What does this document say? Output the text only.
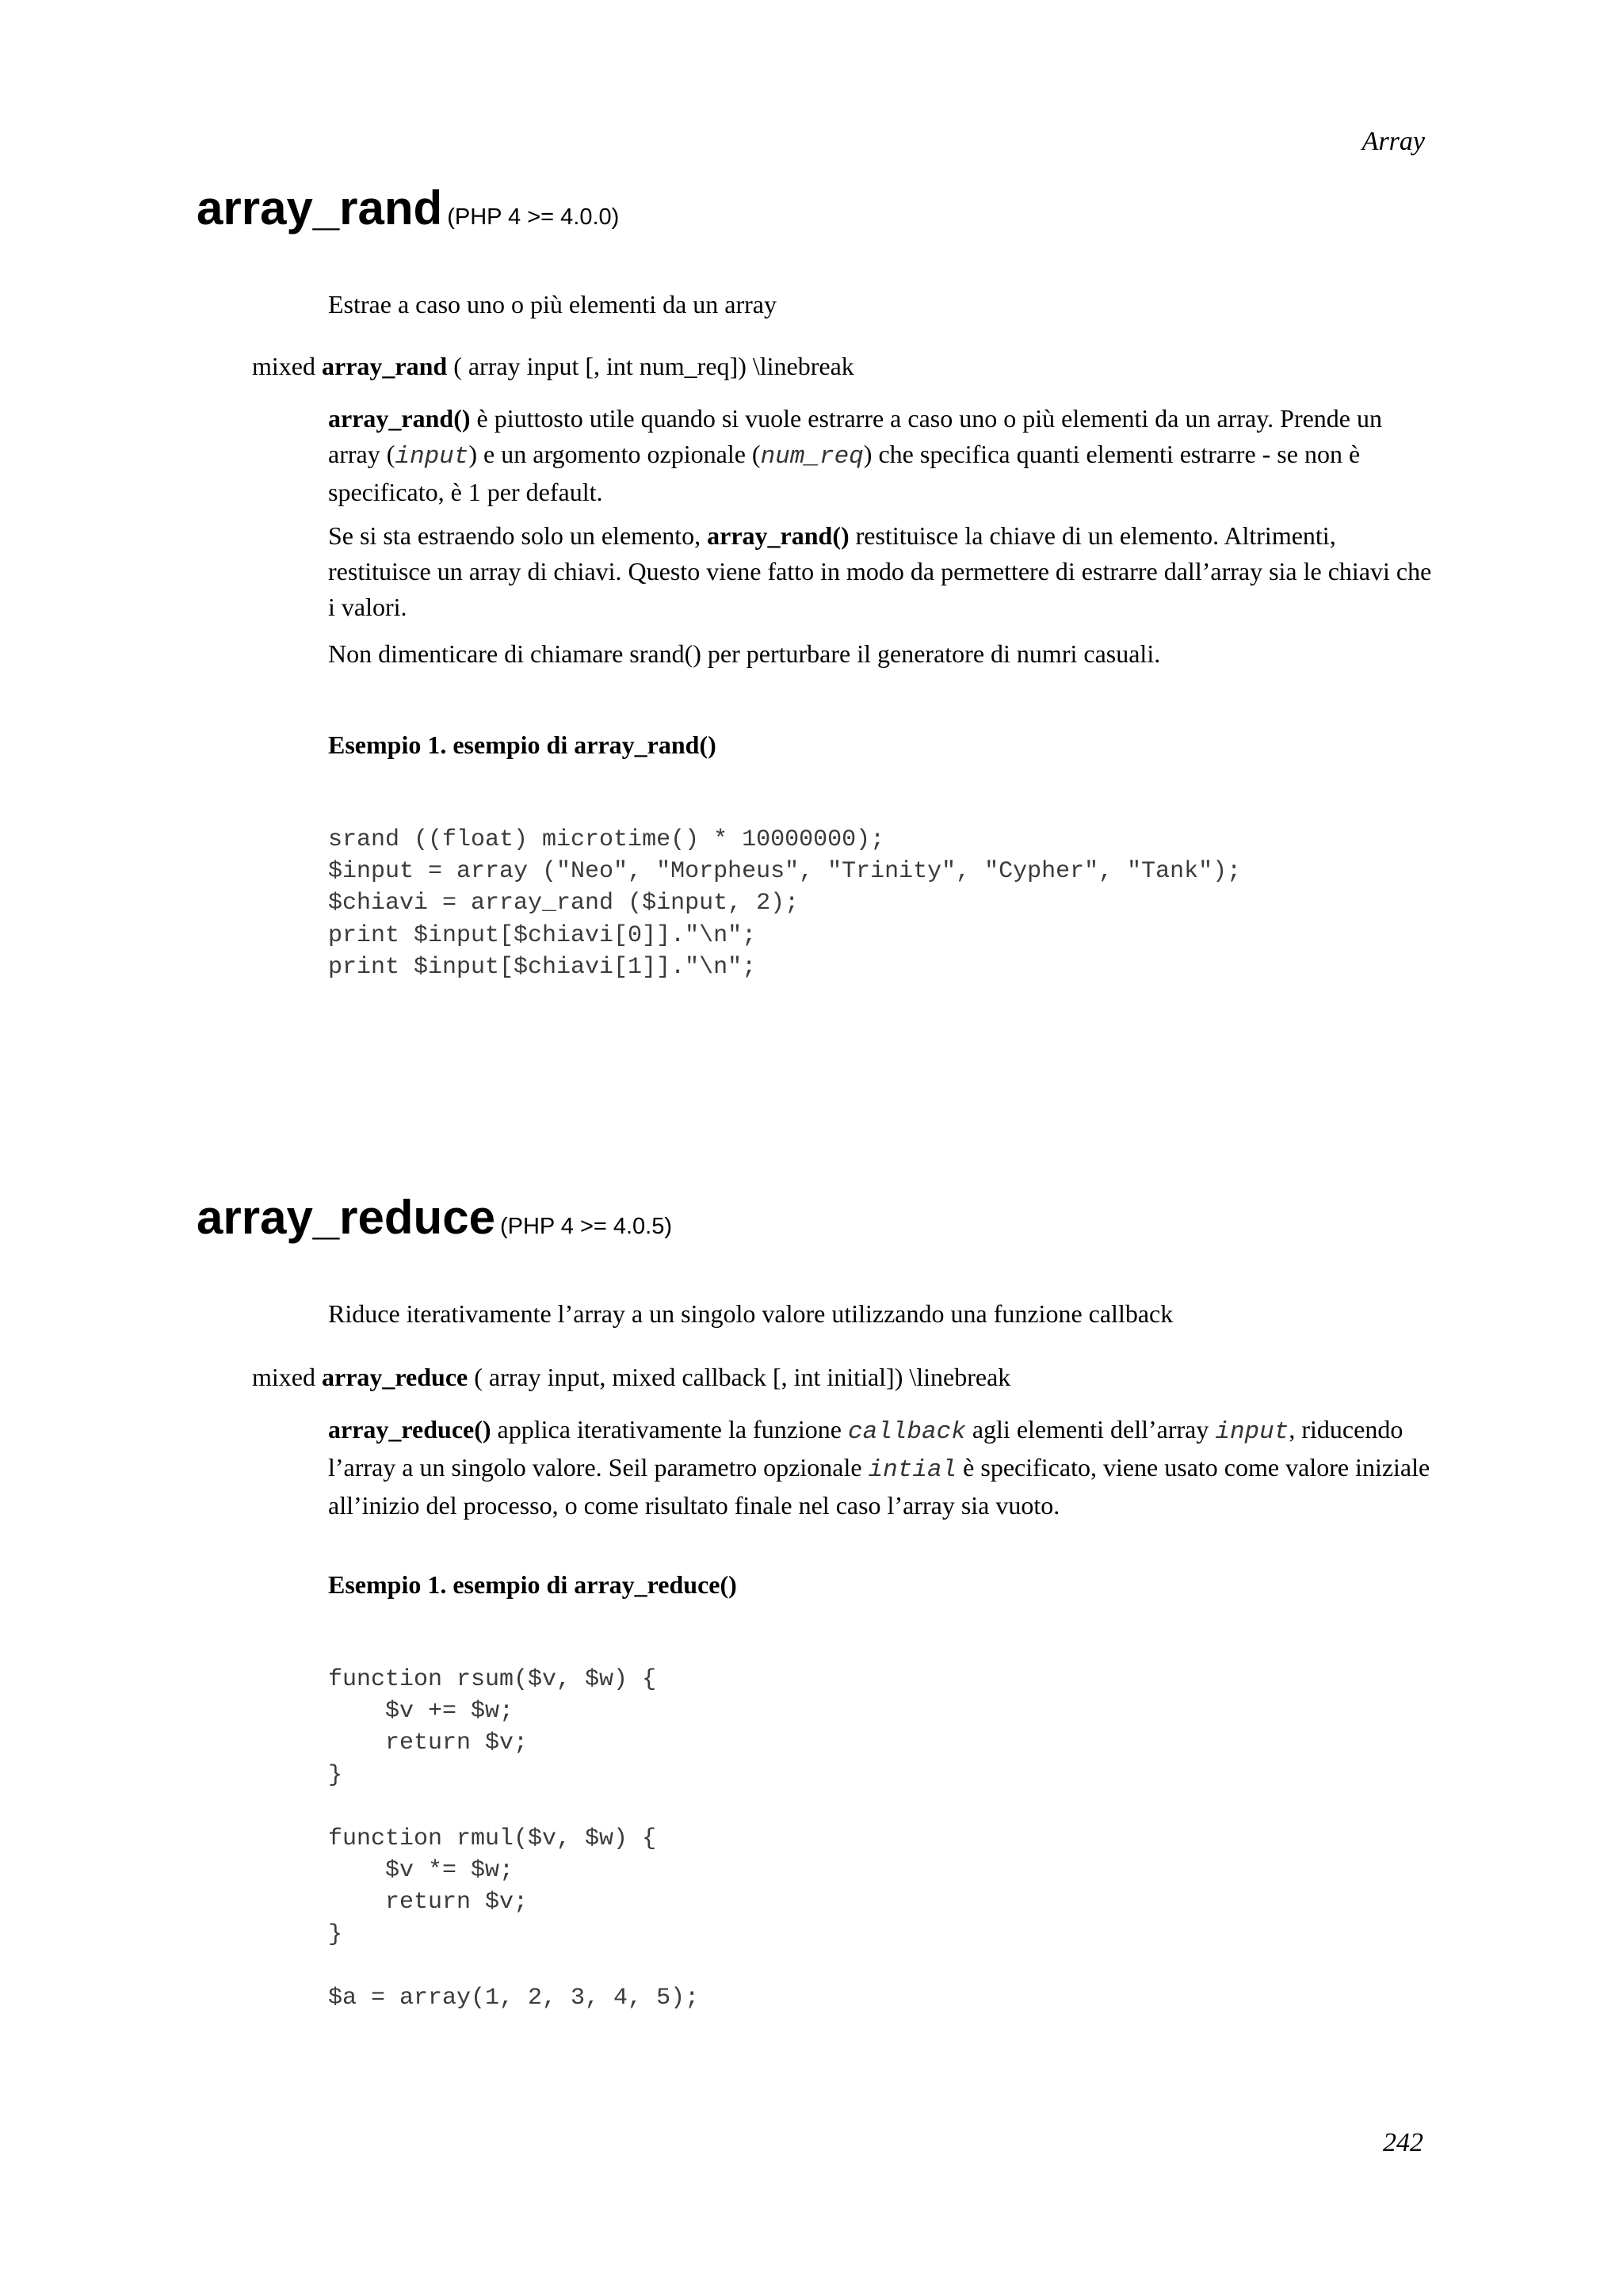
Array
array_rand (PHP 4 >= 4.0.0)
Estrae a caso uno o più elementi da un array
mixed array_rand ( array input [, int num_req]) \linebreak

array_rand() è piuttosto utile quando si vuole estrarre a caso uno o più elementi da un array. Prende un array (input) e un argomento ozpionale (num_req) che specifica quanti elementi estrarre - se non è specificato, è 1 per default.

Se si sta estraendo solo un elemento, array_rand() restituisce la chiave di un elemento. Altrimenti, restituisce un array di chiavi. Questo viene fatto in modo da permettere di estrarre dall’array sia le chiavi che i valori.

Non dimenticare di chiamare srand() per perturbare il generatore di numri casuali.

Esempio 1. esempio di array_rand()
srand ((float) microtime() * 10000000);
$input = array ("Neo", "Morpheus", "Trinity", "Cypher", "Tank");
$chiavi = array_rand ($input, 2);
print $input[$chiavi[0]]."\n";
print $input[$chiavi[1]]."\n";
array_reduce (PHP 4 >= 4.0.5)
Riduce iterativamente l’array a un singolo valore utilizzando una funzione callback
mixed array_reduce ( array input, mixed callback [, int initial]) \linebreak

array_reduce() applica iterativamente la funzione callback agli elementi dell’array input, riducendo l’array a un singolo valore. Seil parametro opzionale intial è specificato, viene usato come valore iniziale all’inizio del processo, o come risultato finale nel caso l’array sia vuoto.

Esempio 1. esempio di array_reduce()
function rsum($v, $w) {
$v += $w;
return $v;
}

function rmul($v, $w) {
$v *= $w;
return $v;
}

$a = array(1, 2, 3, 4, 5);
242
